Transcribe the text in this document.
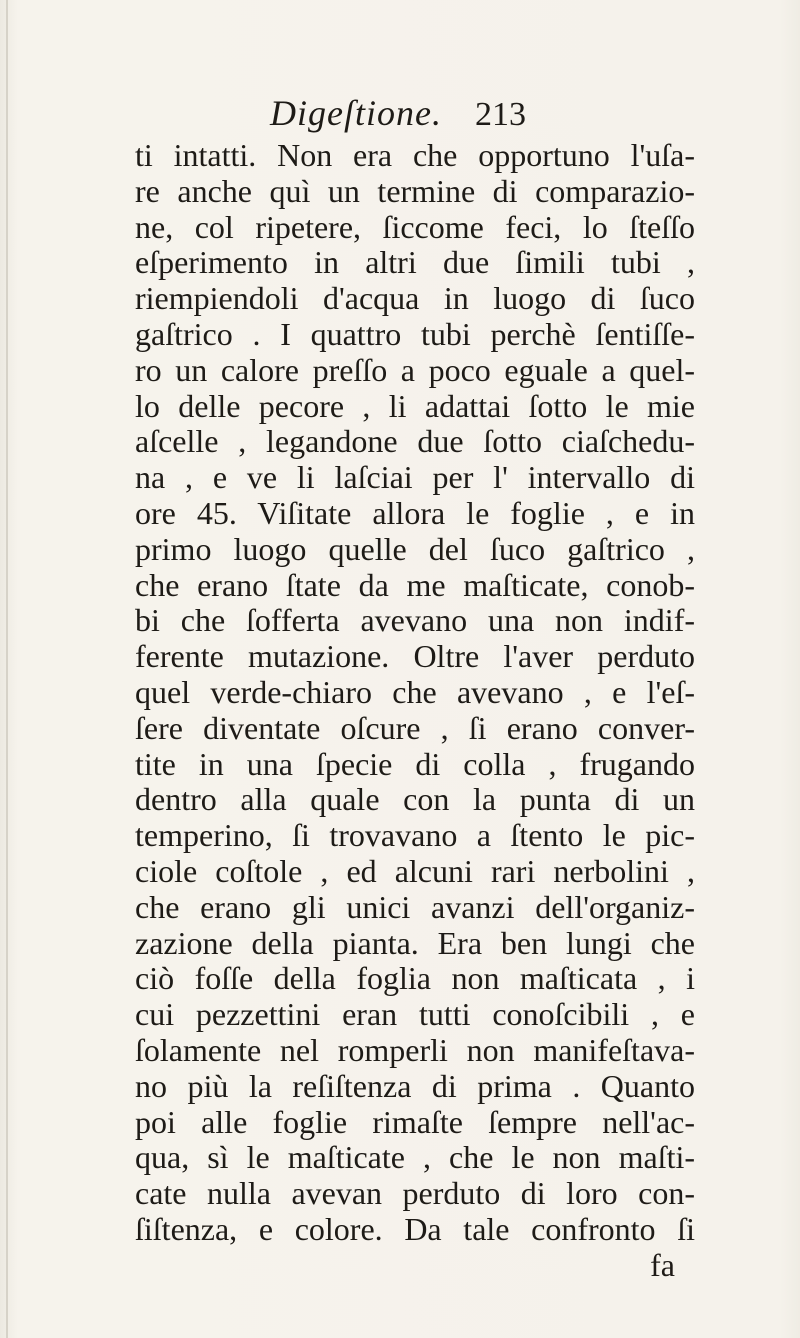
Digeſtione. 213
ti intatti. Non era che opportuno l'uſa-
re anche quì un termine di comparazio-
ne, col ripetere, ſiccome feci, lo ſteſſo
eſperimento in altri due ſimili tubi ,
riempiendoli d'acqua in luogo di ſuco
gaſtrico . I quattro tubi perchè ſentiſſe-
ro un calore preſſo a poco eguale a quel-
lo delle pecore , li adattai ſotto le mie
aſcelle , legandone due ſotto ciaſchedu-
na , e ve li laſciai per l' intervallo di
ore 45. Viſitate allora le foglie , e in
primo luogo quelle del ſuco gaſtrico ,
che erano ſtate da me maſticate, conob-
bi che ſofferta avevano una non indif-
ferente mutazione. Oltre l'aver perduto
quel verde-chiaro che avevano , e l'eſ-
ſere diventate oſcure , ſi erano conver-
tite in una ſpecie di colla , frugando
dentro alla quale con la punta di un
temperino, ſi trovavano a ſtento le pic-
ciole coſtole , ed alcuni rari nerbolini ,
che erano gli unici avanzi dell'organiz-
zazione della pianta. Era ben lungi che
ciò foſſe della foglia non maſticata , i
cui pezzettini eran tutti conoſcibili , e
ſolamente nel romperli non manifeſtava-
no più la reſiſtenza di prima . Quanto
poi alle foglie rimaſte ſempre nell'ac-
qua, sì le maſticate , che le non maſti-
cate nulla avevan perduto di loro con-
ſiſtenza, e colore. Da tale confronto ſi
fa
